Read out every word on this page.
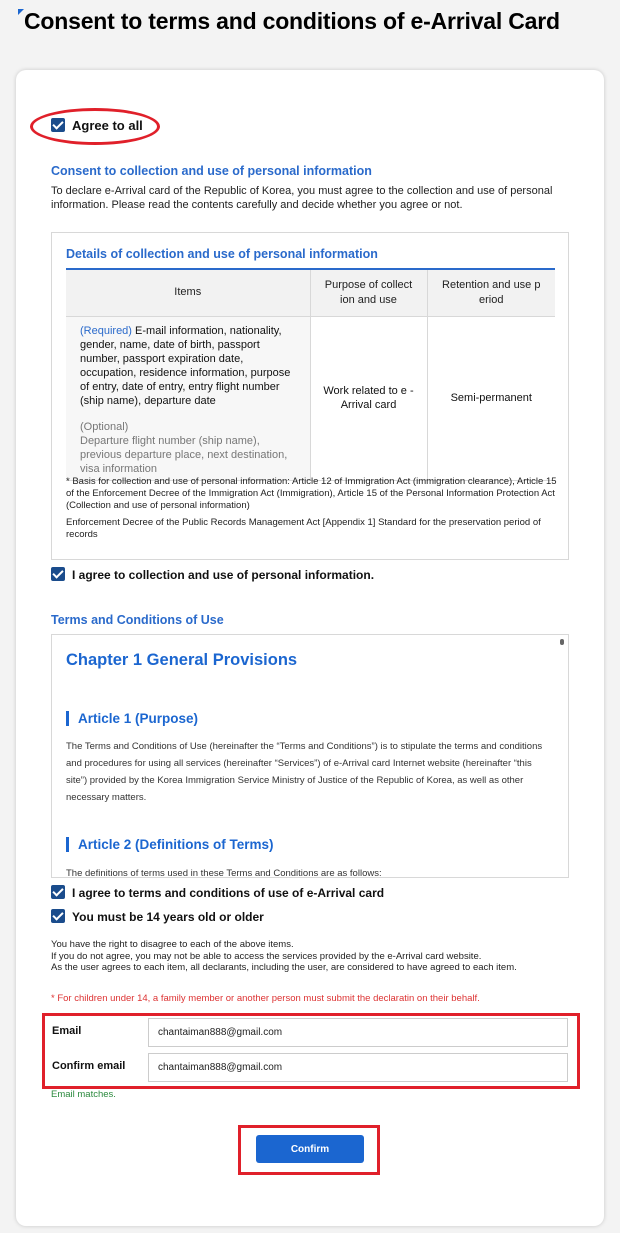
Consent to terms and conditions of e-Arrival Card
Agree to all
Consent to collection and use of personal information

To declare e-Arrival card of the Republic of Korea, you must agree to the collection and use of personal information. Please read the contents carefully and decide whether you agree or not.

Details of collection and use of personal information
Items	Purpose of collect ion and use	Retention and use p eriod

(Required) E-mail information, nationality, gender, name, date of birth, passport number, passport expiration date, occupation, residence information, purpose of entry, date of entry, entry flight number (ship name), departure date
(Optional)
Departure flight number (ship name), previous departure place, next destination, visa information	Work related to e -Arrival card	Semi-permanent

* Basis for collection and use of personal information: Article 12 of Immigration Act (immigration clearance), Article 15 of the Enforcement Decree of the Immigration Act (Immigration), Article 15 of the Personal Information Protection Act (Collection and use of personal information)

Enforcement Decree of the Public Records Management Act [Appendix 1] Standard for the preservation period of records

I agree to collection and use of personal information.
Terms and Conditions of Use
Chapter 1 General Provisions
Article 1 (Purpose)

The Terms and Conditions of Use (hereinafter the “Terms and Conditions”) is to stipulate the terms and conditions and procedures for using all services (hereinafter “Services”) of e-Arrival card Internet website (hereinafter “this site”) provided by the Korea Immigration Service Ministry of Justice of the Republic of Korea, as well as other necessary matters.

Article 2 (Definitions of Terms)

The definitions of terms used in these Terms and Conditions are as follows:

I agree to terms and conditions of use of e-Arrival card
You must be 14 years old or older
You have the right to disagree to each of the above items.
If you do not agree, you may not be able to access the services provided by the e-Arrival card website.
As the user agrees to each item, all declarants, including the user, are considered to have agreed to each item.
* For children under 14, a family member or another person must submit the declaratin on their behalf.
Email
chantaiman888@gmail.com
Confirm email
chantaiman888@gmail.com
Email matches.
Confirm
